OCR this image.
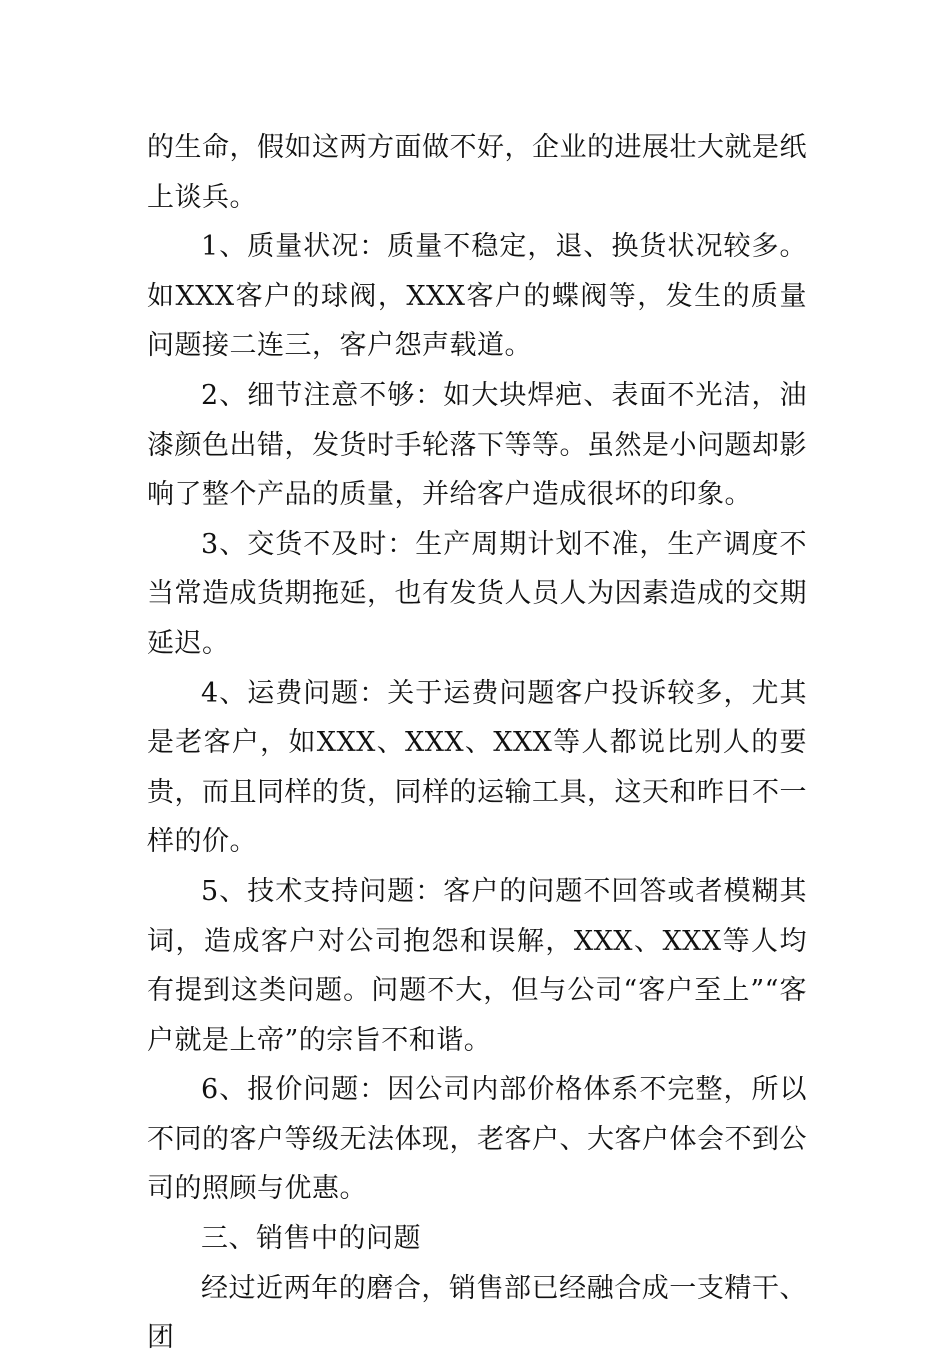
的生命，假如这两方面做不好，企业的进展壮大就是纸上谈兵。

1、质量状况：质量不稳定，退、换货状况较多。如XXX客户的球阀，XXX客户的蝶阀等，发生的质量问题接二连三，客户怨声载道。

2、细节注意不够：如大块焊疤、表面不光洁，油漆颜色出错，发货时手轮落下等等。虽然是小问题却影响了整个产品的质量，并给客户造成很坏的印象。

3、交货不及时：生产周期计划不准，生产调度不当常造成货期拖延，也有发货人员人为因素造成的交期延迟。

4、运费问题：关于运费问题客户投诉较多，尤其是老客户，如XXX、XXX、XXX等人都说比别人的要贵，而且同样的货，同样的运输工具，这天和昨日不一样的价。

5、技术支持问题：客户的问题不回答或者模糊其词，造成客户对公司抱怨和误解，XXX、XXX等人均有提到这类问题。问题不大，但与公司“客户至上”“客户就是上帝”的宗旨不和谐。

6、报价问题：因公司内部价格体系不完整，所以不同的客户等级无法体现，老客户、大客户体会不到公司的照顾与优惠。

三、销售中的问题

经过近两年的磨合，销售部已经融合成一支精干、团
